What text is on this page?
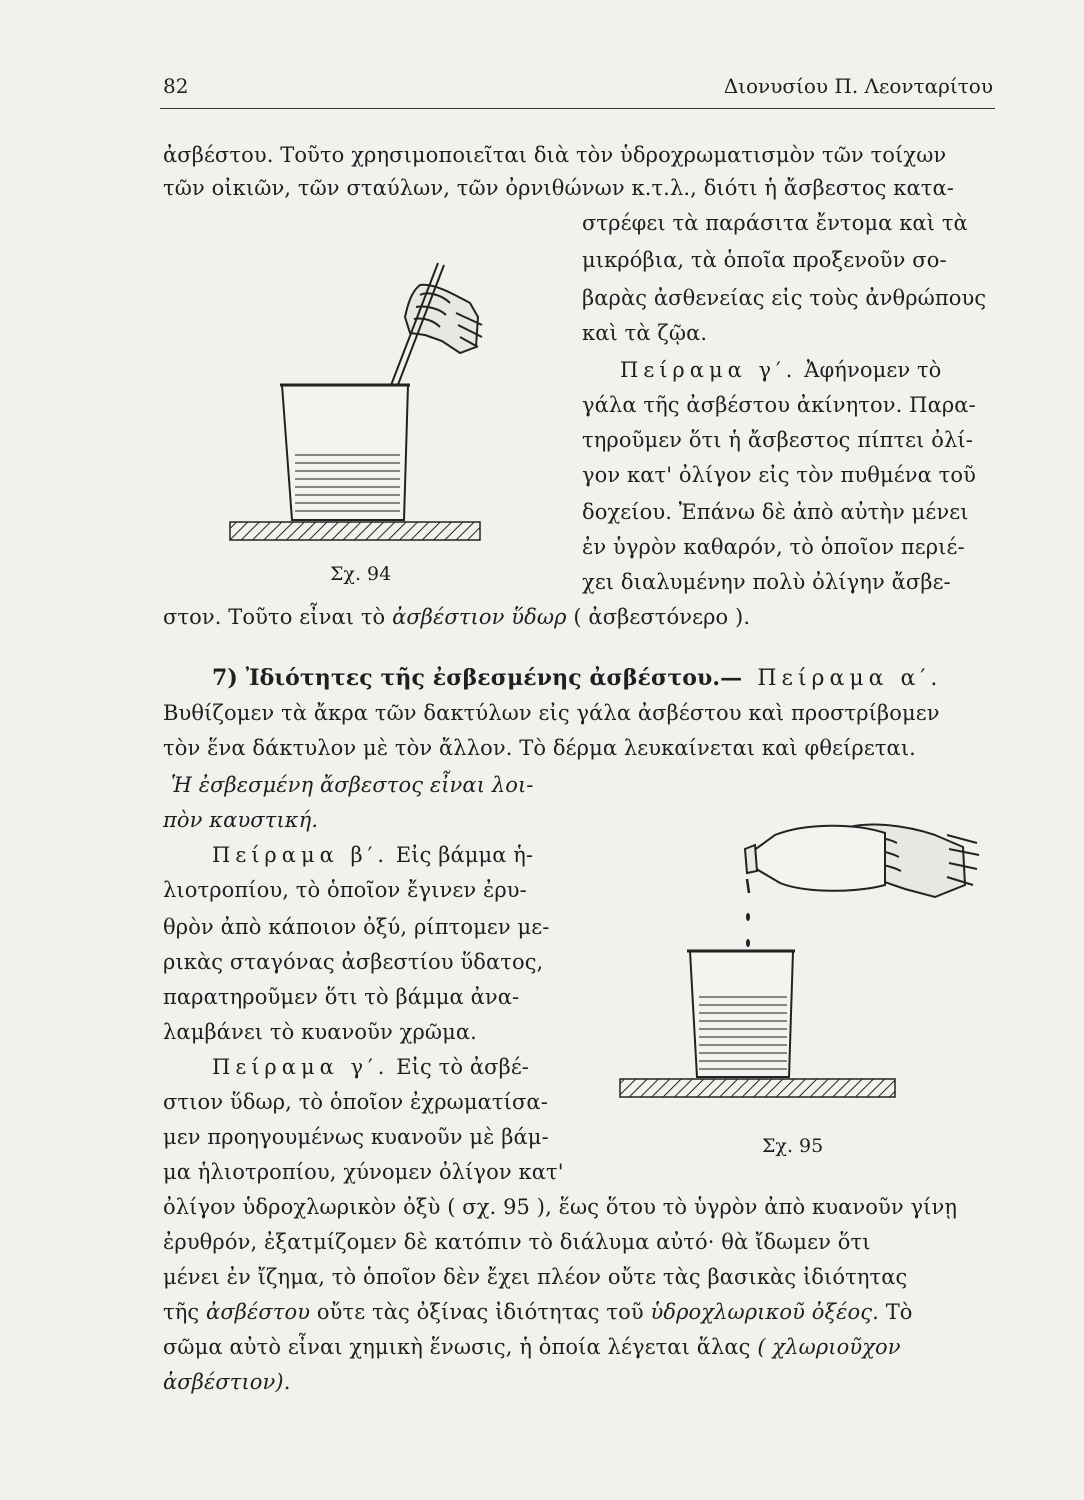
82	Διονυσίου Π. Λεονταρίτου
ἀσβέστου. Τοῦτο χρησιμοποιεῖται διὰ τὸν ὑδροχρωματισμὸν τῶν τοίχων
τῶν οἰκιῶν, τῶν σταύλων, τῶν ὀρνιθώνων κ.τ.λ., διότι ἡ ἄσβεστος κατα-
στρέφει τὰ παράσιτα ἔντομα καὶ τὰ
μικρόβια, τὰ ὁποῖα προξενοῦν σο-
βαρὰς ἀσθενείας εἰς τοὺς ἀνθρώπους
καὶ τὰ ζῷα.
Πείραμα γ′. Ἀφήνομεν τὸ
γάλα τῆς ἀσβέστου ἀκίνητον. Παρα-
τηροῦμεν ὅτι ἡ ἄσβεστος πίπτει ὀλί-
γον κατ' ὀλίγον εἰς τὸν πυθμένα τοῦ
δοχείου. Ἐπάνω δὲ ἀπὸ αὐτὴν μένει
ἐν ὑγρὸν καθαρόν, τὸ ὁποῖον περιέ-
χει διαλυμένην πολὺ ὀλίγην ἄσβε-
στον. Τοῦτο εἶναι τὸ ἀσβέστιον ὕδωρ ( ἀσβεστόνερο ).
Σχ. 94
7) Ἰδιότητες τῆς ἐσβεσμένης ἀσβέστου.— Πείραμα α′.
Βυθίζομεν τὰ ἄκρα τῶν δακτύλων εἰς γάλα ἀσβέστου καὶ προστρίβομεν
τὸν ἕνα δάκτυλον μὲ τὸν ἄλλον. Τὸ δέρμα λευκαίνεται καὶ φθείρεται.
Ἡ ἐσβεσμένη ἄσβεστος εἶναι λοι-
πὸν καυστική.
Πείραμα β′. Εἰς βάμμα ἡ-
λιοτροπίου, τὸ ὁποῖον ἔγινεν ἐρυ-
θρὸν ἀπὸ κάποιον ὀξύ, ρίπτομεν με-
ρικὰς σταγόνας ἀσβεστίου ὕδατος,
παρατηροῦμεν ὅτι τὸ βάμμα ἀνα-
λαμβάνει τὸ κυανοῦν χρῶμα.
Πείραμα γ′. Εἰς τὸ ἀσβέ-
στιον ὕδωρ, τὸ ὁποῖον ἐχρωματίσα-
μεν προηγουμένως κυανοῦν μὲ βάμ-
μα ἡλιοτροπίου, χύνομεν ὀλίγον κατ'
ὀλίγον ὑδροχλωρικὸν ὀξὺ ( σχ. 95 ), ἕως ὅτου τὸ ὑγρὸν ἀπὸ κυανοῦν γίνῃ
ἐρυθρόν, ἐξατμίζομεν δὲ κατόπιν τὸ διάλυμα αὐτό· θὰ ἴδωμεν ὅτι
μένει ἐν ἴζημα, τὸ ὁποῖον δὲν ἔχει πλέον οὔτε τὰς βασικὰς ἰδιότητας
τῆς ἀσβέστου οὔτε τὰς ὀξίνας ἰδιότητας τοῦ ὑδροχλωρικοῦ ὀξέος. Τὸ
σῶμα αὐτὸ εἶναι χημικὴ ἕνωσις, ἡ ὁποία λέγεται ἅλας ( χλωριοῦχον
ἀσβέστιον).
Σχ. 95
